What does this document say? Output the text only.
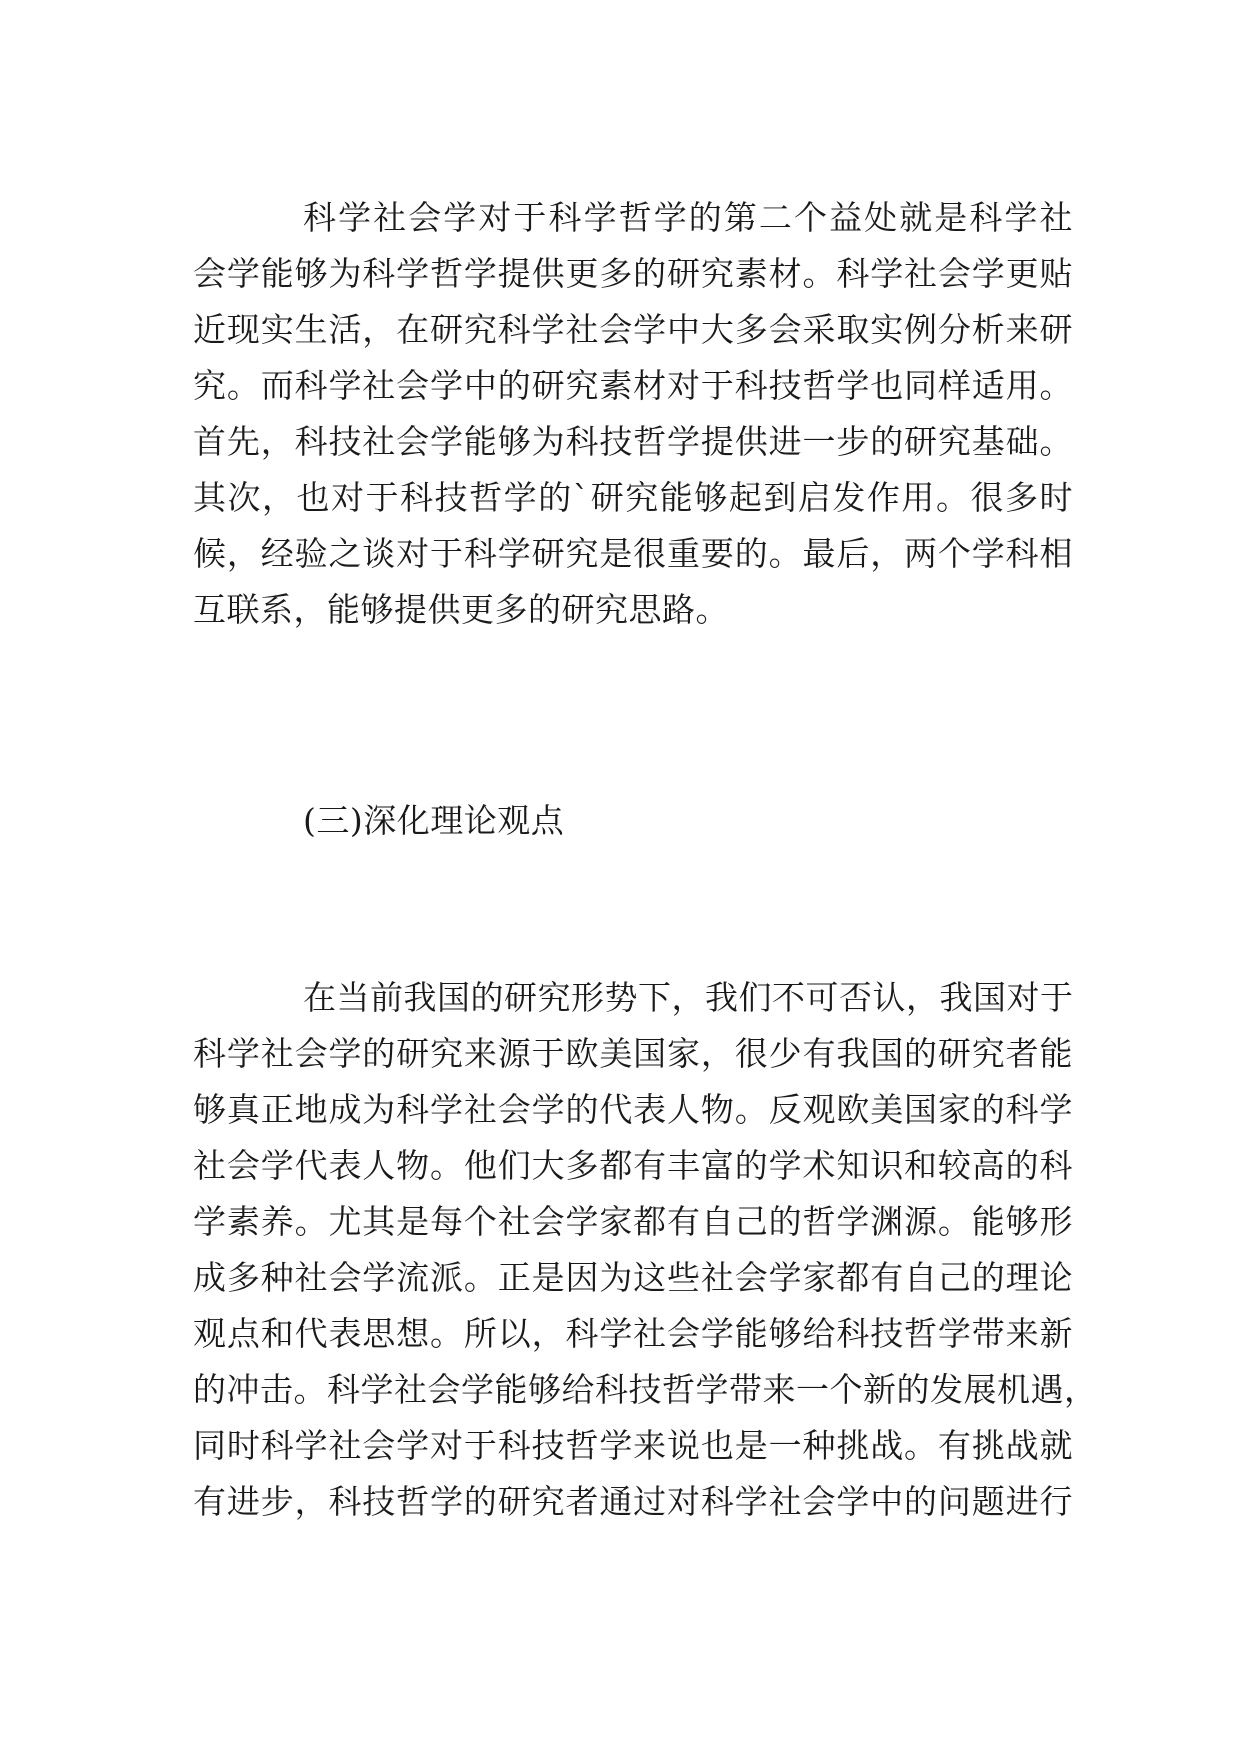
科学社会学对于科学哲学的第二个益处就是科学社
会学能够为科学哲学提供更多的研究素材。科学社会学更贴
近现实生活，在研究科学社会学中大多会采取实例分析来研
究。而科学社会学中的研究素材对于科技哲学也同样适用。
首先，科技社会学能够为科技哲学提供进一步的研究基础。
其次，也对于科技哲学的`研究能够起到启发作用。很多时
候，经验之谈对于科学研究是很重要的。最后，两个学科相
互联系，能够提供更多的研究思路。
(三)深化理论观点
在当前我国的研究形势下，我们不可否认，我国对于
科学社会学的研究来源于欧美国家，很少有我国的研究者能
够真正地成为科学社会学的代表人物。反观欧美国家的科学
社会学代表人物。他们大多都有丰富的学术知识和较高的科
学素养。尤其是每个社会学家都有自己的哲学渊源。能够形
成多种社会学流派。正是因为这些社会学家都有自己的理论
观点和代表思想。所以，科学社会学能够给科技哲学带来新
的冲击。科学社会学能够给科技哲学带来一个新的发展机遇，
同时科学社会学对于科技哲学来说也是一种挑战。有挑战就
有进步，科技哲学的研究者通过对科学社会学中的问题进行
